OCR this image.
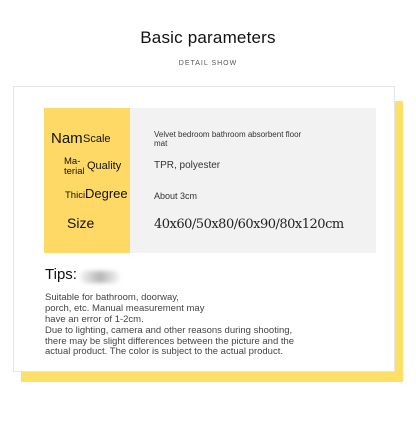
Basic parameters
DETAIL SHOW
Nam Scale	Velvet bedroom bathroom absorbent floor
mat
Ma-
terial Quality	TPR, polyester
Thici Degree	About 3cm
Size	40x60/50x80/60x90/80x120cm
Tips:
Suitable for bathroom, doorway,
porch, etc. Manual measurement may
have an error of 1-2cm.
Due to lighting, camera and other reasons during shooting,
there may be slight differences between the picture and the
actual product. The color is subject to the actual product.
